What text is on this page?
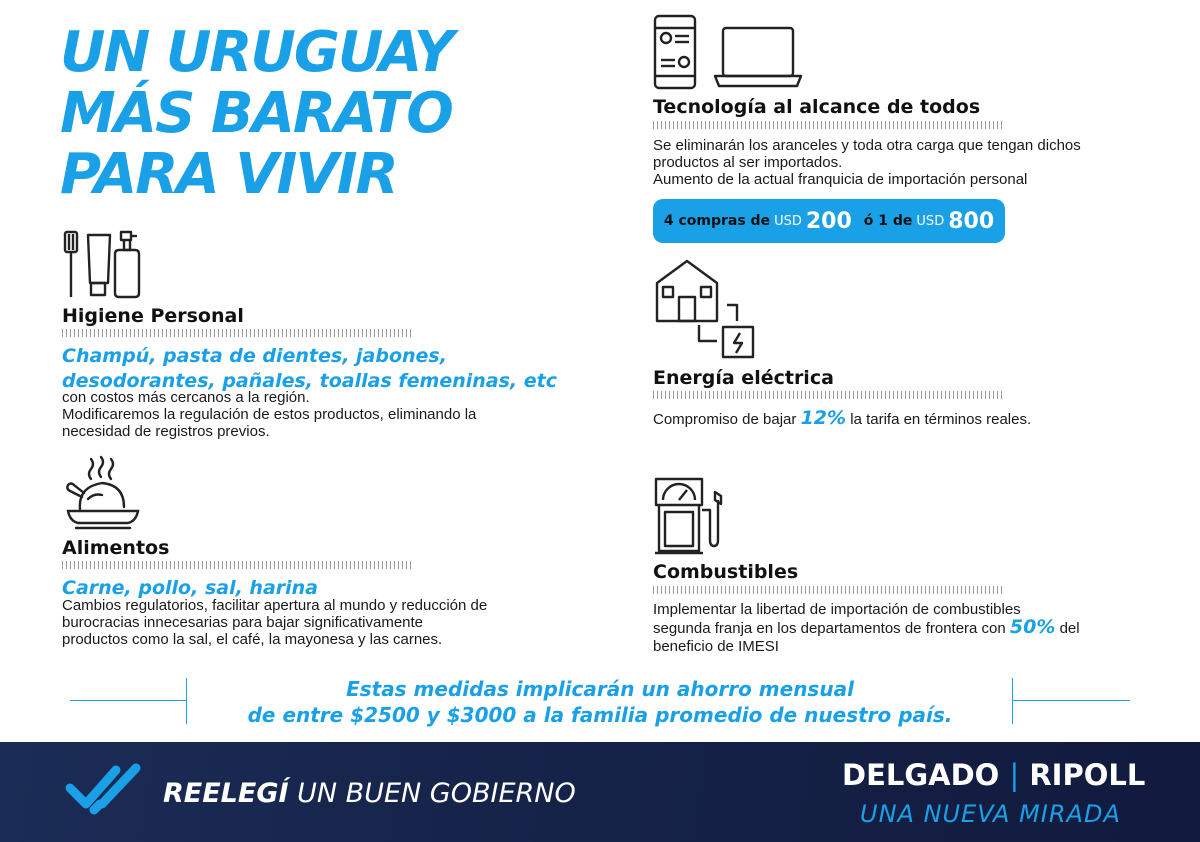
UN URUGUAY
MÁS BARATO
PARA VIVIR
Higiene Personal
Champú, pasta de dientes, jabones,
desodorantes, pañales, toallas femeninas, etc
con costos más cercanos a la región.
Modificaremos la regulación de estos productos, eliminando la
necesidad de registros previos.
Alimentos
Carne, pollo, sal, harina
Cambios regulatorios, facilitar apertura al mundo y reducción de
burocracias innecesarias para bajar significativamente
productos como la sal, el café, la mayonesa y las carnes.
Tecnología al alcance de todos
Se eliminarán los aranceles y toda otra carga que tengan dichos
productos al ser importados.
Aumento de la actual franquicia de importación personal
4 compras de USD 200 ó 1 de USD 800
Energía eléctrica
Compromiso de bajar 12% la tarifa en términos reales.
Combustibles
Implementar la libertad de importación de combustibles
segunda franja en los departamentos de frontera con 50% del
beneficio de IMESI
Estas medidas implicarán un ahorro mensual
de entre $2500 y $3000 a la familia promedio de nuestro país.
REELEGÍ UN BUEN GOBIERNO
DELGADO | RIPOLL
UNA NUEVA MIRADA
